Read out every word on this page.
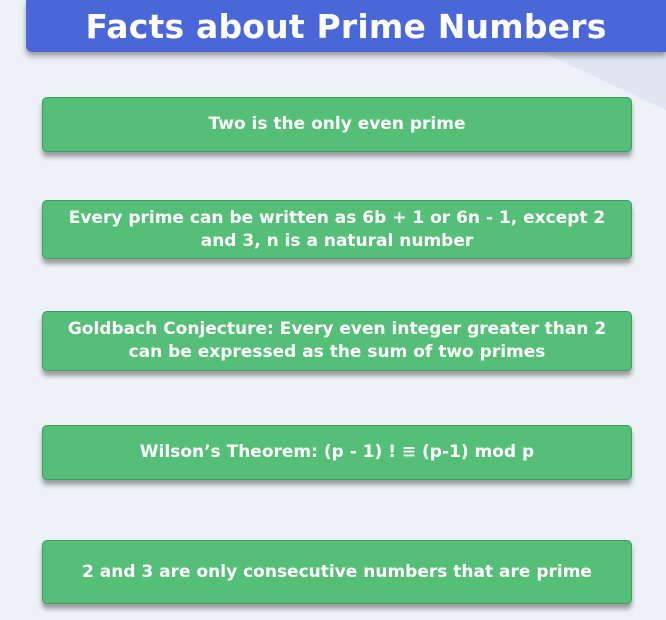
Facts about Prime Numbers
Two is the only even prime
Every prime can be written as 6b + 1 or 6n - 1, except 2 and 3, n is a natural number
Goldbach Conjecture: Every even integer greater than 2 can be expressed as the sum of two primes
Wilson’s Theorem: (p - 1) ! ≡ (p-1) mod p
2 and 3 are only consecutive numbers that are prime
